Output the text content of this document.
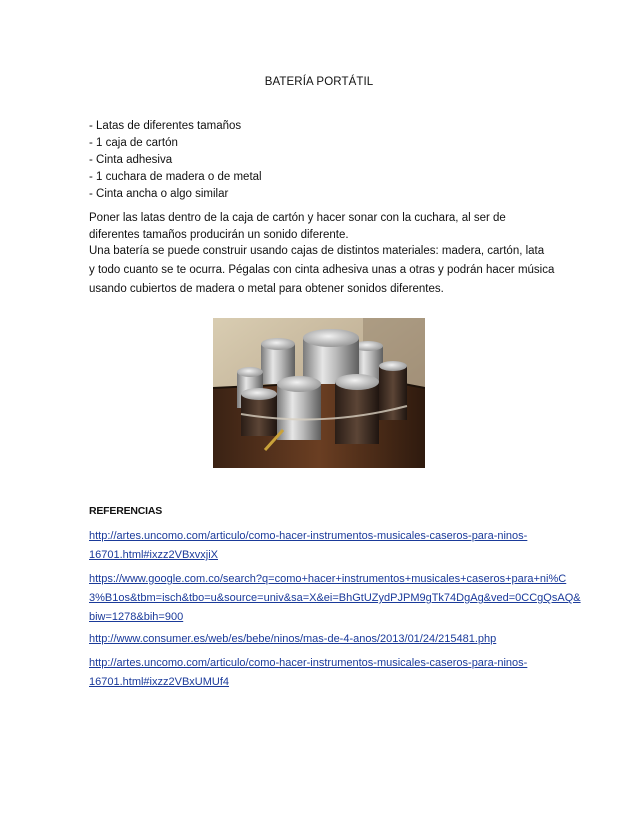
BATERÍA PORTÁTIL
- Latas de diferentes tamaños
- 1 caja de cartón
- Cinta adhesiva
- 1 cuchara de madera o de metal
- Cinta ancha o algo similar
Poner las latas dentro de la caja de cartón y hacer sonar con la cuchara, al ser de
diferentes tamaños producirán un sonido diferente.
Una batería se puede construir usando cajas de distintos materiales: madera, cartón, lata
y todo cuanto se te ocurra. Pégalas con cinta adhesiva unas a otras y podrán hacer música
usando cubiertos de madera o metal para obtener sonidos diferentes.
REFERENCIAS
http://artes.uncomo.com/articulo/como-hacer-instrumentos-musicales-caseros-para-ninos-
16701.html#ixzz2VBxvxjiX
https://www.google.com.co/search?q=como+hacer+instrumentos+musicales+caseros+para+ni%C
3%B1os&tbm=isch&tbo=u&source=univ&sa=X&ei=BhGtUZydPJPM9gTk74DgAg&ved=0CCgQsAQ&
biw=1278&bih=900
http://www.consumer.es/web/es/bebe/ninos/mas-de-4-anos/2013/01/24/215481.php
http://artes.uncomo.com/articulo/como-hacer-instrumentos-musicales-caseros-para-ninos-
16701.html#ixzz2VBxUMUf4
